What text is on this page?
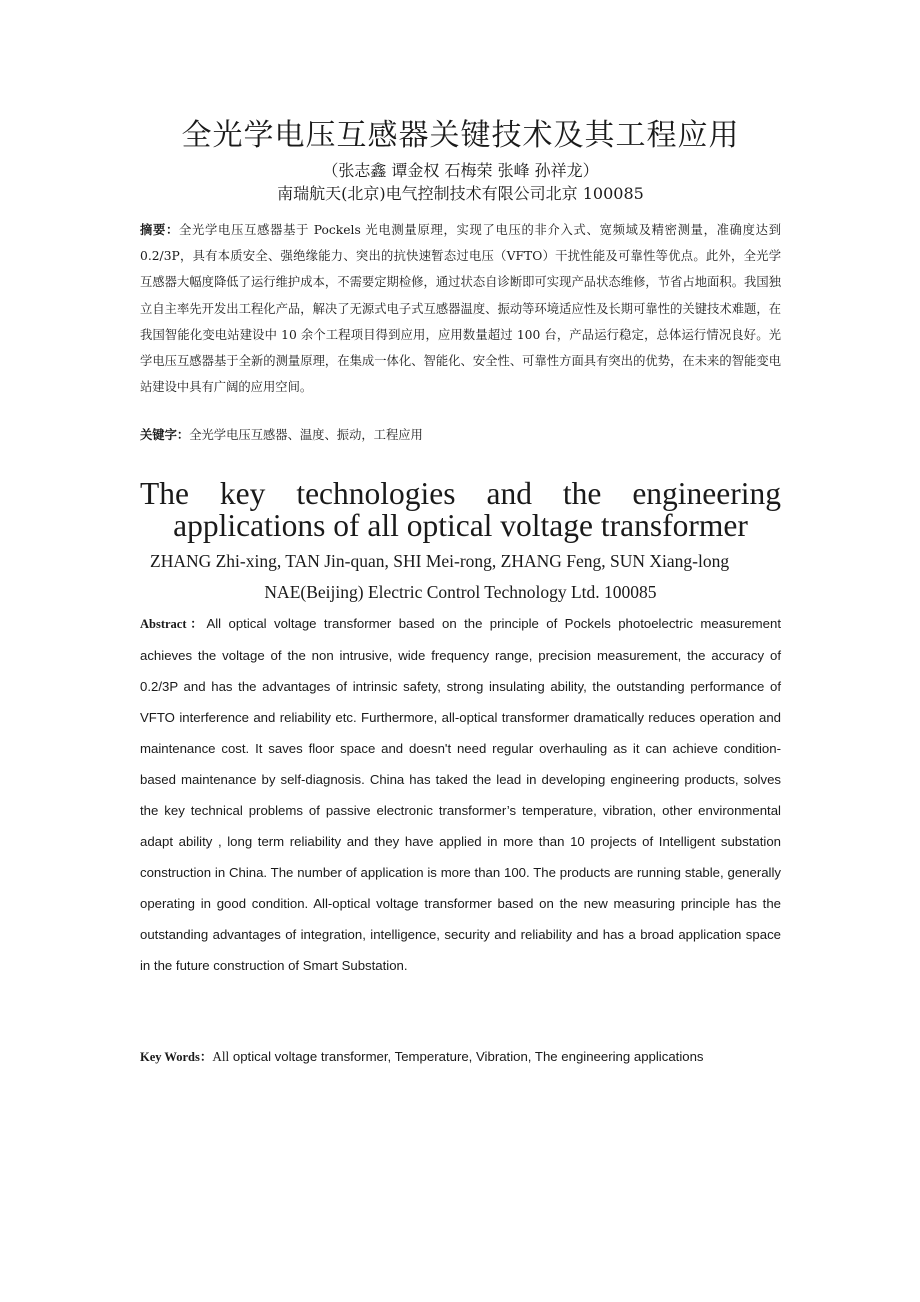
全光学电压互感器关键技术及其工程应用
（张志鑫 谭金权 石梅荣 张峰 孙祥龙）
南瑞航天(北京)电气控制技术有限公司北京 100085
摘要：全光学电压互感器基于 Pockels 光电测量原理，实现了电压的非介入式、宽频域及精密测量，准确度达到 0.2/3P，具有本质安全、强绝缘能力、突出的抗快速暂态过电压（VFTO）干扰性能及可靠性等优点。此外，全光学互感器大幅度降低了运行维护成本，不需要定期检修，通过状态自诊断即可实现产品状态维修，节省占地面积。我国独立自主率先开发出工程化产品，解决了无源式电子式互感器温度、振动等环境适应性及长期可靠性的关键技术难题，在我国智能化变电站建设中 10 余个工程项目得到应用，应用数量超过 100 台，产品运行稳定，总体运行情况良好。光学电压互感器基于全新的测量原理，在集成一体化、智能化、安全性、可靠性方面具有突出的优势，在未来的智能变电站建设中具有广阔的应用空间。
关键字：全光学电压互感器、温度、振动，工程应用
The key technologies and the engineering
applications of all optical voltage transformer
ZHANG Zhi-xing, TAN Jin-quan, SHI Mei-rong, ZHANG Feng, SUN Xiang-long
NAE(Beijing) Electric Control Technology Ltd. 100085
Abstract：All optical voltage transformer based on the principle of Pockels photoelectric measurement achieves the voltage of the non intrusive, wide frequency range, precision measurement, the accuracy of 0.2/3P and has the advantages of intrinsic safety, strong insulating ability, the outstanding performance of VFTO interference and reliability etc. Furthermore, all-optical transformer dramatically reduces operation and maintenance cost. It saves floor space and doesn't need regular overhauling as it can achieve condition-based maintenance by self-diagnosis. China has taked the lead in developing engineering products, solves the key technical problems of passive electronic transformer’s temperature, vibration, other environmental adapt ability , long term reliability and they have applied in more than 10 projects of Intelligent substation construction in China. The number of application is more than 100. The products are running stable, generally operating in good condition. All-optical voltage transformer based on the new measuring principle has the outstanding advantages of integration, intelligence, security and reliability and has a broad application space in the future construction of Smart Substation.
Key Words：All optical voltage transformer, Temperature, Vibration, The engineering applications
